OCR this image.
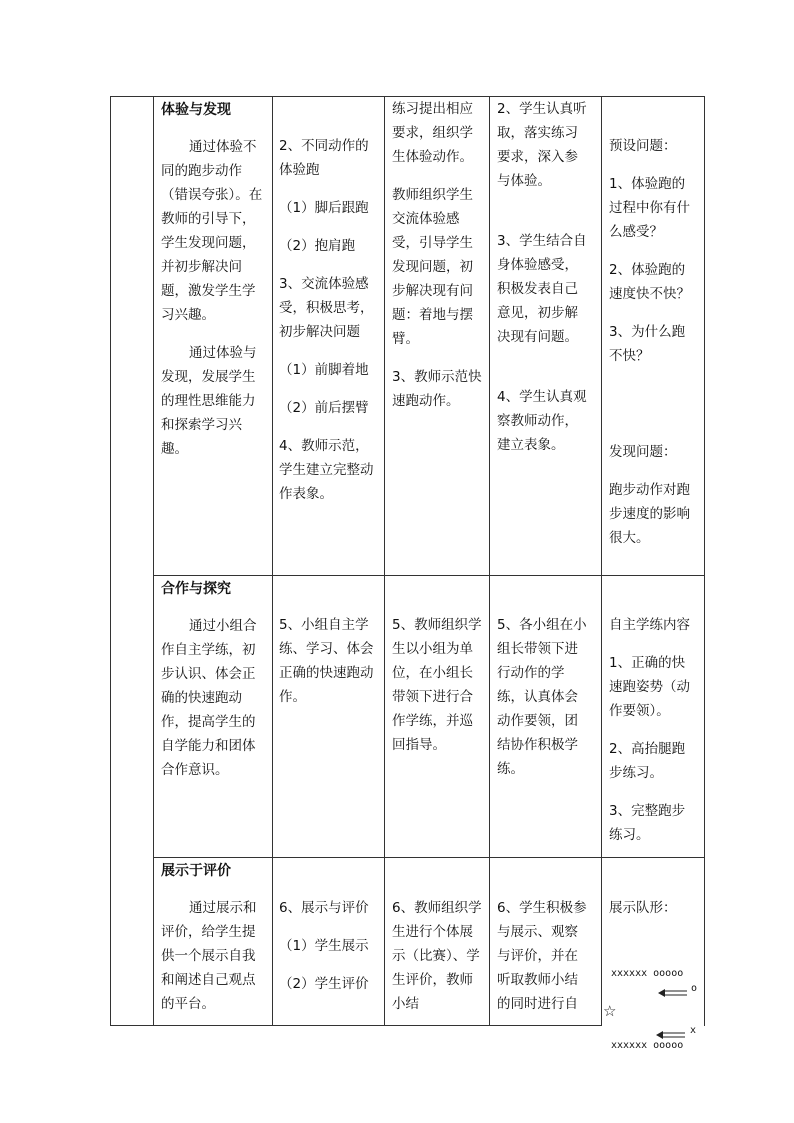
体验与发现

通过体验不同的跑步动作（错误夸张）。在教师的引导下，学生发现问题，并初步解决问题，激发学生学习兴趣。

通过体验与发现，发展学生的理性思维能力和探索学习兴趣。

2、不同动作的体验跑

（1）脚后跟跑

（2）抱肩跑

3、交流体验感受，积极思考，初步解决问题

（1）前脚着地

（2）前后摆臂

4、教师示范，学生建立完整动作表象。

练习提出相应要求，组织学生体验动作。

教师组织学生交流体验感受，引导学生发现问题，初步解决现有问题：着地与摆臂。

3、教师示范快速跑动作。

2、学生认真听取，落实练习要求，深入参与体验。

3、学生结合自身体验感受，积极发表自己意见，初步解决现有问题。

4、学生认真观察教师动作，建立表象。

预设问题：

1、体验跑的过程中你有什么感受？

2、体验跑的速度快不快？

3、为什么跑不快？

发现问题：

跑步动作对跑步速度的影响很大。

合作与探究

通过小组合作自主学练，初步认识、体会正确的快速跑动作，提高学生的自学能力和团体合作意识。

5、小组自主学练、学习、体会正确的快速跑动作。

5、教师组织学生以小组为单位，在小组长带领下进行合作学练，并巡回指导。

5、各小组在小组长带领下进行动作的学练，认真体会动作要领，团结协作积极学练。

自主学练内容

1、正确的快速跑姿势（动作要领）。

2、高抬腿跑步练习。

3、完整跑步练习。

展示于评价

通过展示和评价，给学生提供一个展示自我和阐述自己观点的平台。

6、展示与评价

（1）学生展示

（2）学生评价

6、教师组织学生进行个体展示（比赛）、学生评价，教师小结

6、学生积极参与展示、观察与评价，并在听取教师小结的同时进行自

展示队形：

xxxxxx ooooo
o
☆
x
xxxxxx ooooo
